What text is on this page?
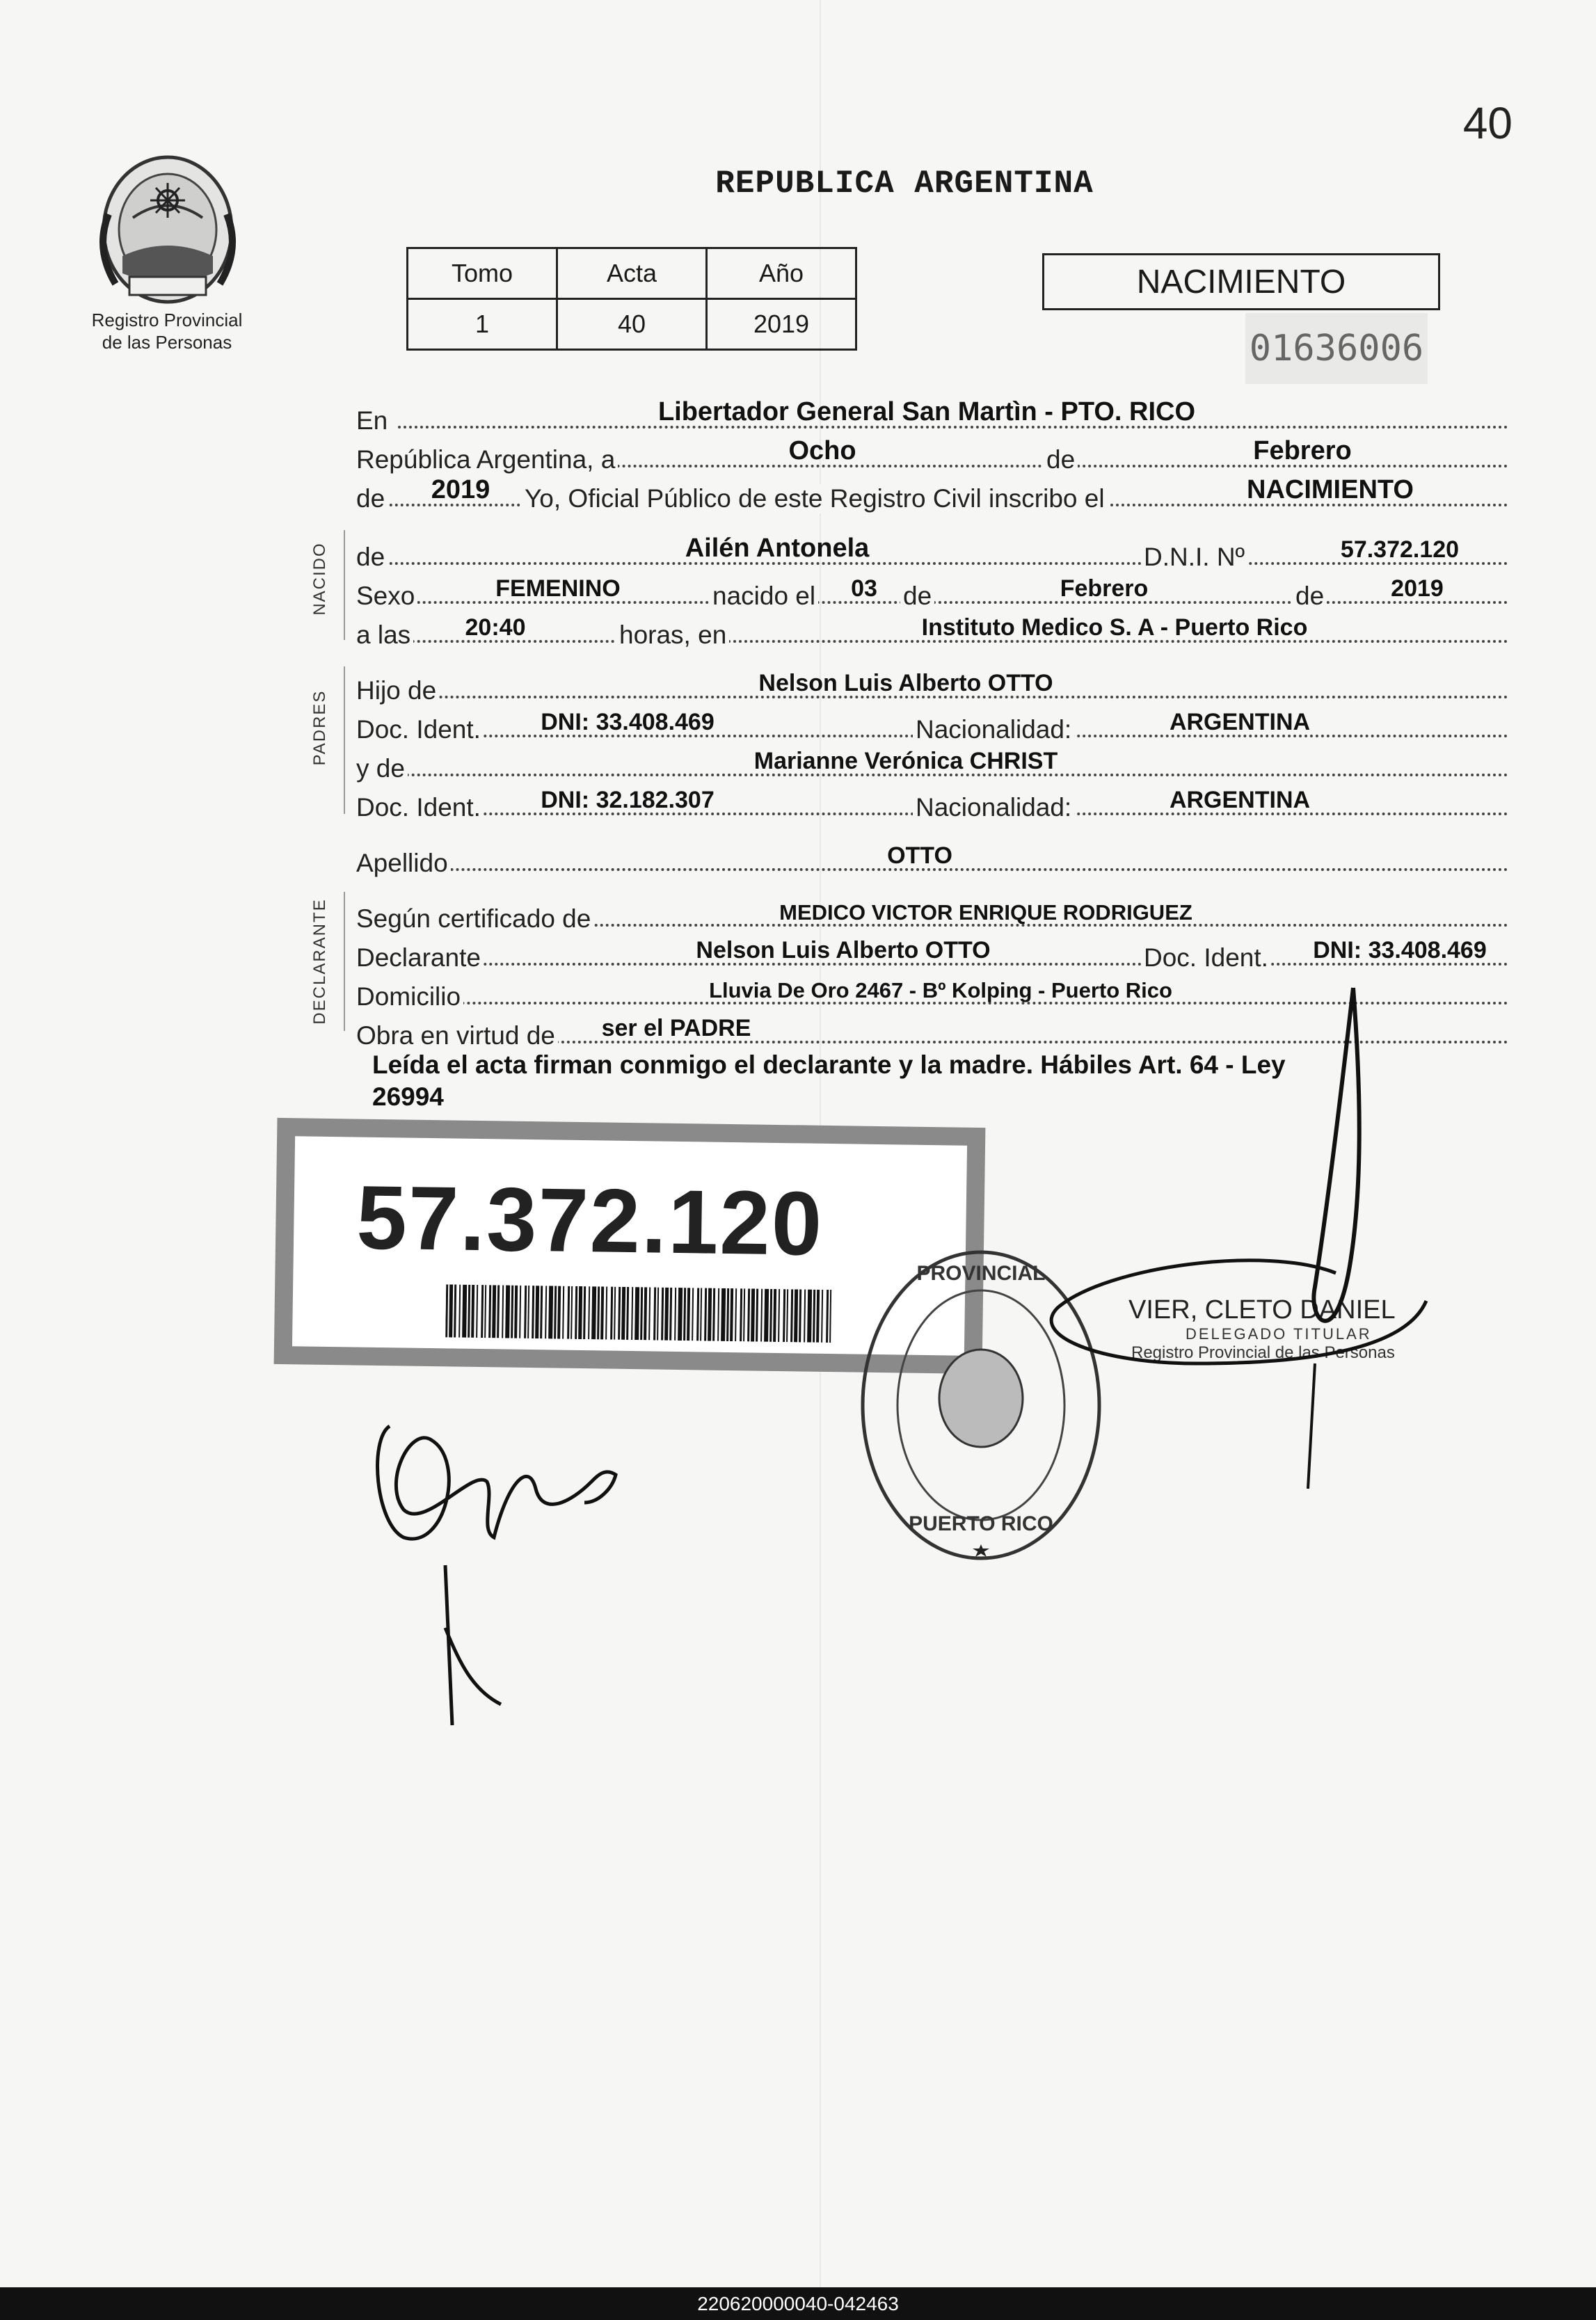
40
Registro Provincial
de las Personas
REPUBLICA ARGENTINA
Tomo	Acta	Año
1	40	2019
NACIMIENTO
01636006
NACIDO
PADRES
DECLARANTE
En	Libertador General San Martìn - PTO. RICO
República Argentina, a	Ocho	de	Febrero
de	2019	Yo, Oficial Público de este Registro Civil inscribo el	NACIMIENTO
de	Ailén Antonela	D.N.I. Nº	57.372.120
Sexo	FEMENINO	nacido el	03	de	Febrero	de	2019
a las	20:40	horas, en	Instituto Medico S. A - Puerto Rico
Hijo de	Nelson Luis Alberto OTTO
Doc. Ident.	DNI: 33.408.469	Nacionalidad:	ARGENTINA
y de	Marianne Verónica CHRIST
Doc. Ident.	DNI: 32.182.307	Nacionalidad:	ARGENTINA
Apellido	OTTO
Según certificado de	MEDICO VICTOR ENRIQUE RODRIGUEZ
Declarante	Nelson Luis Alberto OTTO	Doc. Ident.	DNI: 33.408.469
Domicilio	Lluvia De Oro 2467 - Bº Kolping - Puerto Rico
Obra en virtud de	ser el PADRE
Leída el acta firman conmigo el declarante y la madre. Hábiles Art. 64 - Ley
26994
57.372.120	PROVINCIAL
PUERTO RICO
VIER, CLETO DANIEL
DELEGADO TITULAR
Registro Provincial de las Personas
220620000040-042463
